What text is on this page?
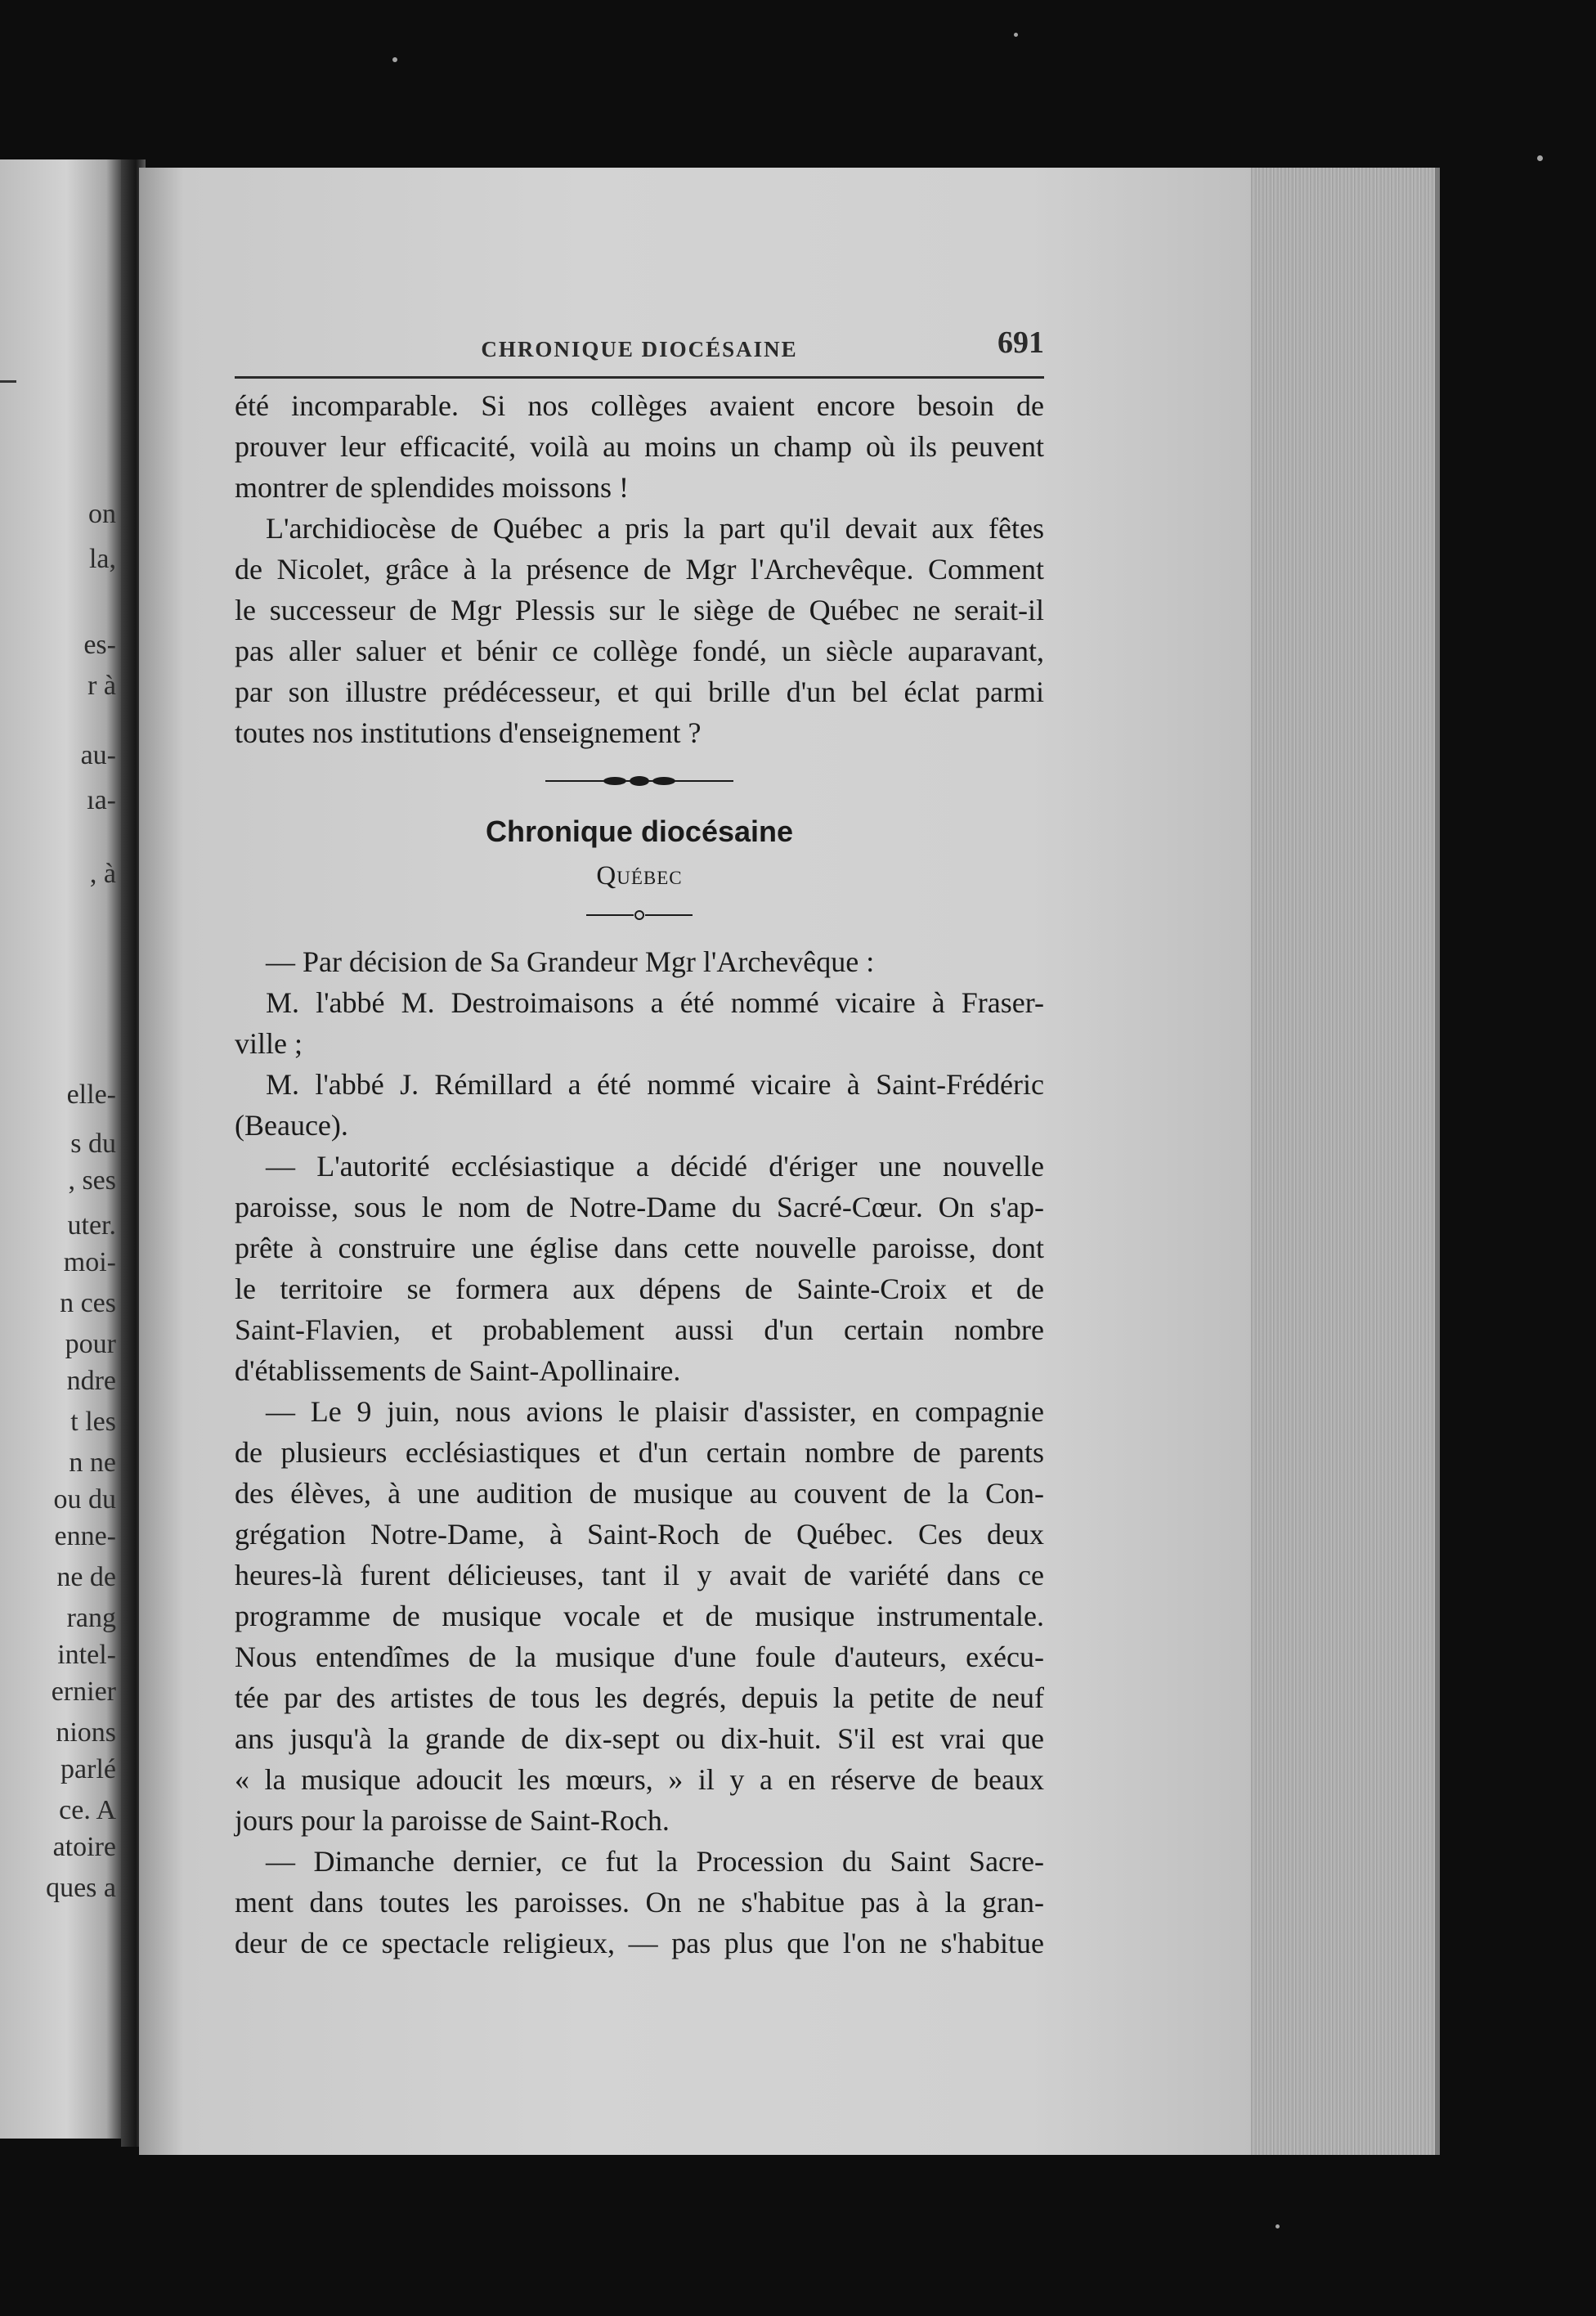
on
la,
es-
r à
au-
ıa-
, à
elle-
s du
, ses
uter.
moi-
n ces
pour
ndre
t les
n ne
ou du
enne-
ne de
rang
intel-
ernier
nions
parlé
ce. A
atoire
ques a
CHRONIQUE DIOCÉSAINE	691
été incomparable. Si nos collèges avaient encore besoin de
prouver leur efficacité, voilà au moins un champ où ils peuvent
montrer de splendides moissons !
L'archidiocèse de Québec a pris la part qu'il devait aux fêtes
de Nicolet, grâce à la présence de Mgr l'Archevêque. Comment
le successeur de Mgr Plessis sur le siège de Québec ne serait-il
pas aller saluer et bénir ce collège fondé, un siècle auparavant,
par son illustre prédécesseur, et qui brille d'un bel éclat parmi
toutes nos institutions d'enseignement ?
Chronique diocésaine
Québec
— Par décision de Sa Grandeur Mgr l'Archevêque :
M. l'abbé M. Destroimaisons a été nommé vicaire à Fraser-
ville ;
M. l'abbé J. Rémillard a été nommé vicaire à Saint-Frédéric
(Beauce).
— L'autorité ecclésiastique a décidé d'ériger une nouvelle
paroisse, sous le nom de Notre-Dame du Sacré-Cœur. On s'ap-
prête à construire une église dans cette nouvelle paroisse, dont
le territoire se formera aux dépens de Sainte-Croix et de
Saint-Flavien, et probablement aussi d'un certain nombre
d'établissements de Saint-Apollinaire.
— Le 9 juin, nous avions le plaisir d'assister, en compagnie
de plusieurs ecclésiastiques et d'un certain nombre de parents
des élèves, à une audition de musique au couvent de la Con-
grégation Notre-Dame, à Saint-Roch de Québec. Ces deux
heures-là furent délicieuses, tant il y avait de variété dans ce
programme de musique vocale et de musique instrumentale.
Nous entendîmes de la musique d'une foule d'auteurs, exécu-
tée par des artistes de tous les degrés, depuis la petite de neuf
ans jusqu'à la grande de dix-sept ou dix-huit. S'il est vrai que
« la musique adoucit les mœurs, » il y a en réserve de beaux
jours pour la paroisse de Saint-Roch.
— Dimanche dernier, ce fut la Procession du Saint Sacre-
ment dans toutes les paroisses. On ne s'habitue pas à la gran-
deur de ce spectacle religieux, — pas plus que l'on ne s'habitue
